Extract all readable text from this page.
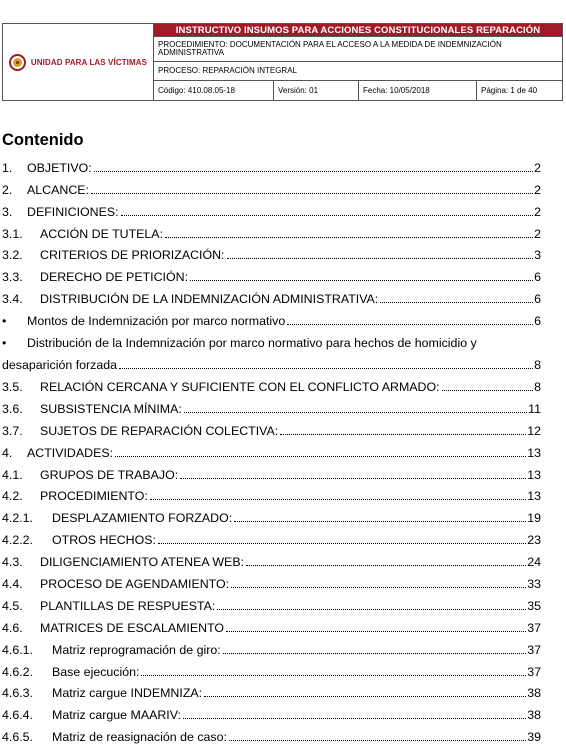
UNIDAD PARA LAS VÍCTIMAS
INSTRUCTIVO INSUMOS PARA ACCIONES CONSTITUCIONALES REPARACIÓN
PROCEDIMIENTO: DOCUMENTACIÓN PARA EL ACCESO A LA MEDIDA DE INDEMNIZACIÓN ADMINISTRATIVA
PROCESO: REPARACIÓN INTEGRAL
Código: 410.08.05-18	Versión: 01	Fecha: 10/05/2018	Página: 1 de 40
Contenido
1.	OBJETIVO:	2
2.	ALCANCE:	2
3.	DEFINICIONES:	2
3.1.	ACCIÓN DE TUTELA:	2
3.2.	CRITERIOS DE PRIORIZACIÓN:	3
3.3.	DERECHO DE PETICIÓN:	6
3.4.	DISTRIBUCIÓN DE LA INDEMNIZACIÓN ADMINISTRATIVA:	6
•	Montos de Indemnización por marco normativo	6
•	Distribución de la Indemnización por marco normativo para hechos de homicidio y
desaparición forzada	8
3.5.	RELACIÓN CERCANA Y SUFICIENTE CON EL CONFLICTO ARMADO:	8
3.6.	SUBSISTENCIA MÍNIMA:	11
3.7.	SUJETOS DE REPARACIÓN COLECTIVA:	12
4.	ACTIVIDADES:	13
4.1.	GRUPOS DE TRABAJO:	13
4.2.	PROCEDIMIENTO:	13
4.2.1.	DESPLAZAMIENTO FORZADO:	19
4.2.2.	OTROS HECHOS:	23
4.3.	DILIGENCIAMIENTO ATENEA WEB:	24
4.4.	PROCESO DE AGENDAMIENTO:	33
4.5.	PLANTILLAS DE RESPUESTA:	35
4.6.	MATRICES DE ESCALAMIENTO	37
4.6.1.	Matriz reprogramación de giro:	37
4.6.2.	Base ejecución:	37
4.6.3.	Matriz cargue INDEMNIZA:	38
4.6.4.	Matriz cargue MAARIV:	38
4.6.5.	Matriz de reasignación de caso:	39
